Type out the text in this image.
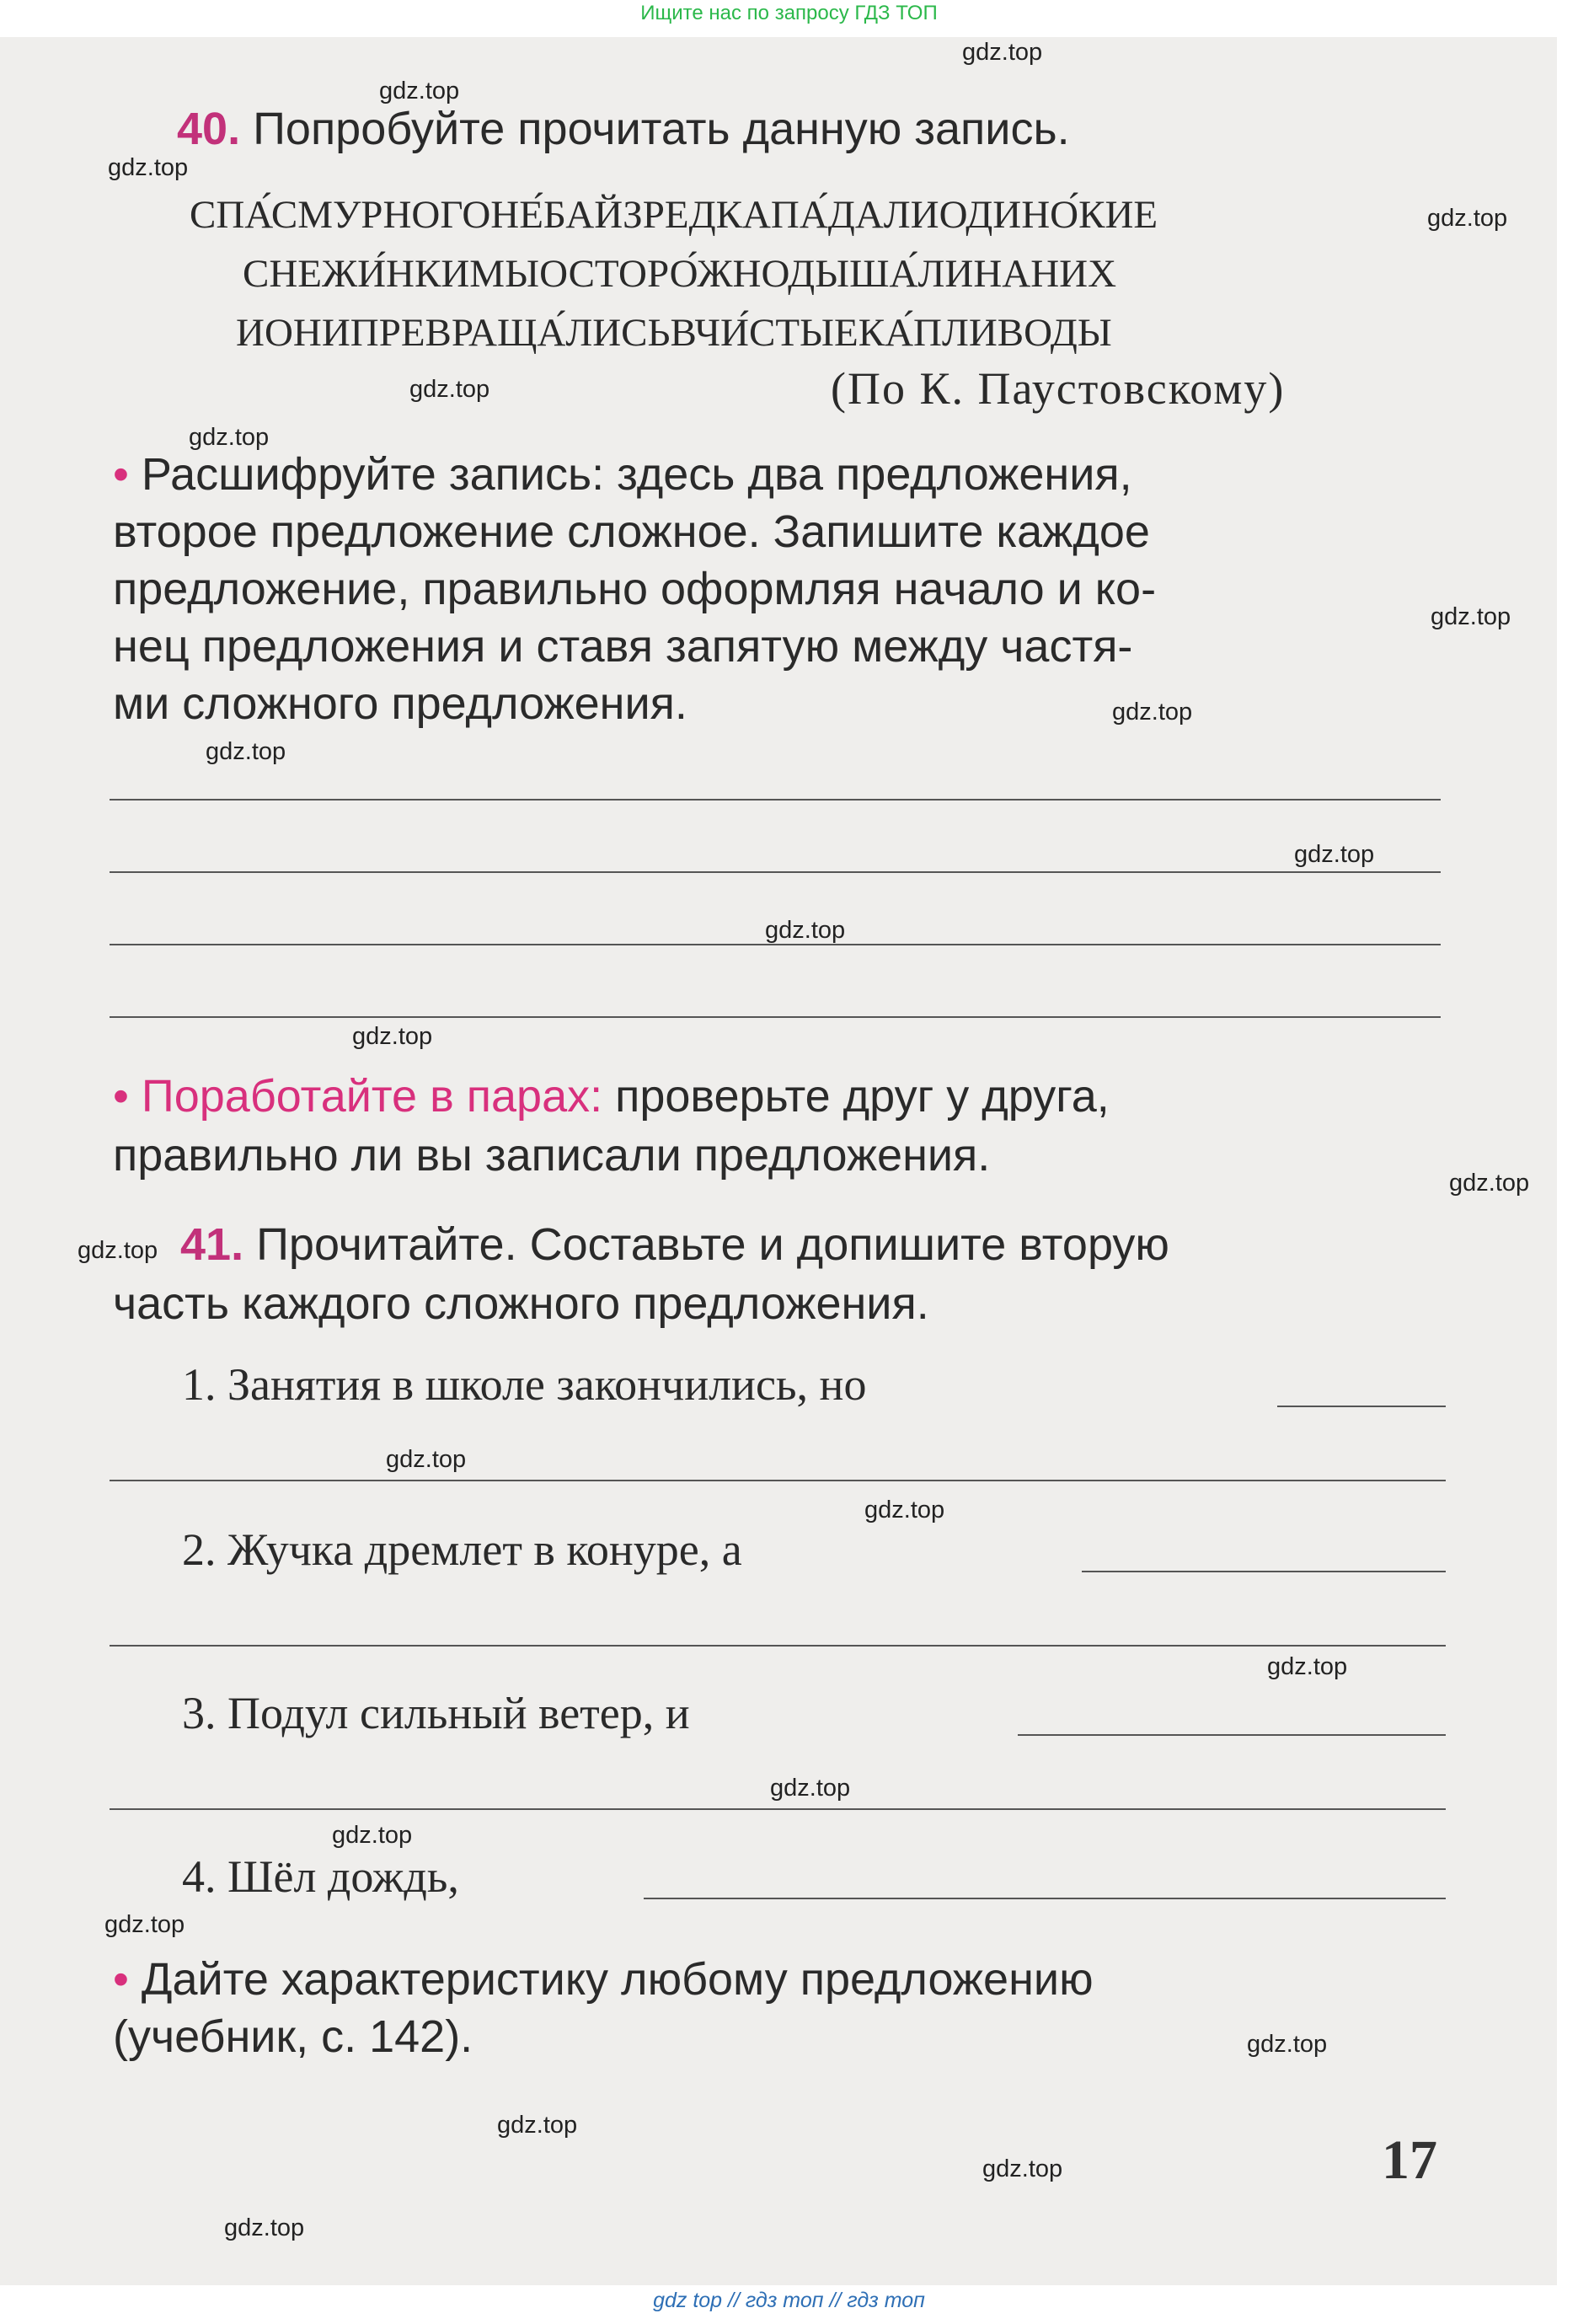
Ищите нас по запросу ГДЗ ТОП
40. Попробуйте прочитать данную запись.
СПА́СМУРНОГОНЕ́БАЙЗРЕДКАПА́ДАЛИОДИНО́КИЕ
СНЕЖИ́НКИМЫОСТОРО́ЖНОДЫША́ЛИНАНИХ
ИОНИПРЕВРАЩА́ЛИСЬВЧИ́СТЫЕКА́ПЛИВОДЫ
(По К. Паустовскому)
• Расшифруйте запись: здесь два предложения,
второе предложение сложное. Запишите каждое
предложение, правильно оформляя начало и ко-
нец предложения и ставя запятую между частя-
ми сложного предложения.
• Поработайте в парах: проверьте друг у друга,
правильно ли вы записали предложения.
41. Прочитайте. Составьте и допишите вторую
часть каждого сложного предложения.
1. Занятия в школе закончились, но
2. Жучка дремлет в конуре, а
3. Подул сильный ветер, и
4. Шёл дождь,
• Дайте характеристику любому предложению
(учебник, с. 142).
17
gdz.top
gdz.top
gdz.top
gdz.top
gdz.top
gdz.top
gdz.top
gdz.top
gdz.top
gdz.top
gdz.top
gdz.top
gdz.top
gdz.top
gdz.top
gdz.top
gdz.top
gdz.top
gdz.top
gdz.top
gdz.top
gdz.top
gdz.top
gdz.top
gdz top // гдз топ // гдз топ
